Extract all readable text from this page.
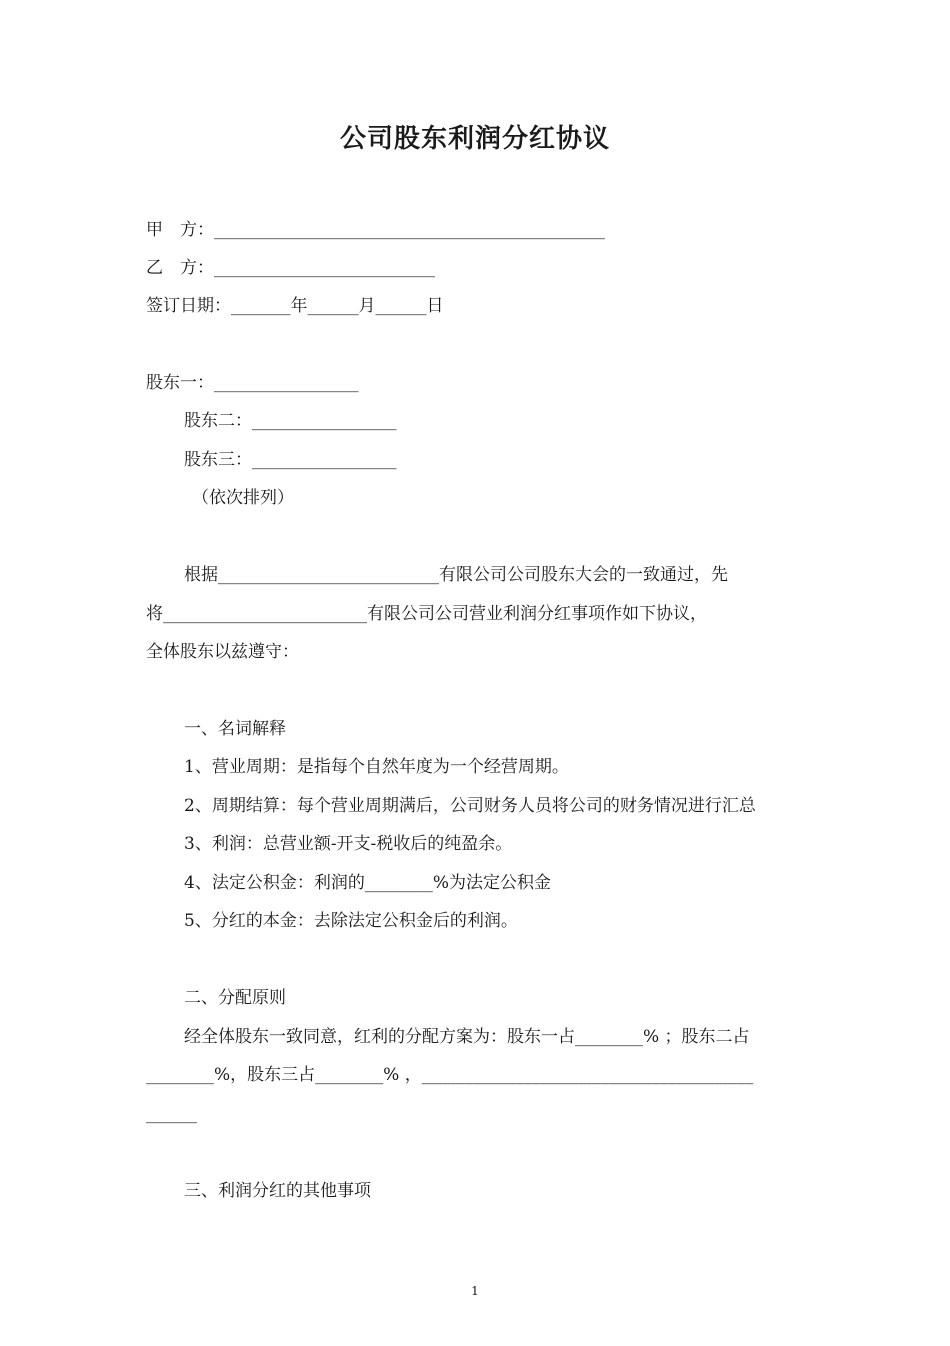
公司股东利润分红协议
甲　方：______________________________________________
乙　方：__________________________
签订日期：_______年______月______日
股东一：_________________
股东二：_________________
股东三：_________________
（依次排列）
根据__________________________有限公司公司股东大会的一致通过，先
将________________________有限公司公司营业利润分红事项作如下协议，
全体股东以兹遵守：
一、名词解释
1、营业周期：是指每个自然年度为一个经营周期。
2、周期结算：每个营业周期满后，公司财务人员将公司的财务情况进行汇总
3、利润：总营业额-开支-税收后的纯盈余。
4、法定公积金：利润的________%为法定公积金
5、分红的本金：去除法定公积金后的利润。
二、分配原则
经全体股东一致同意，红利的分配方案为：股东一占________% ；股东二占
________%，股东三占________% ，_______________________________________
______
三、利润分红的其他事项
1
